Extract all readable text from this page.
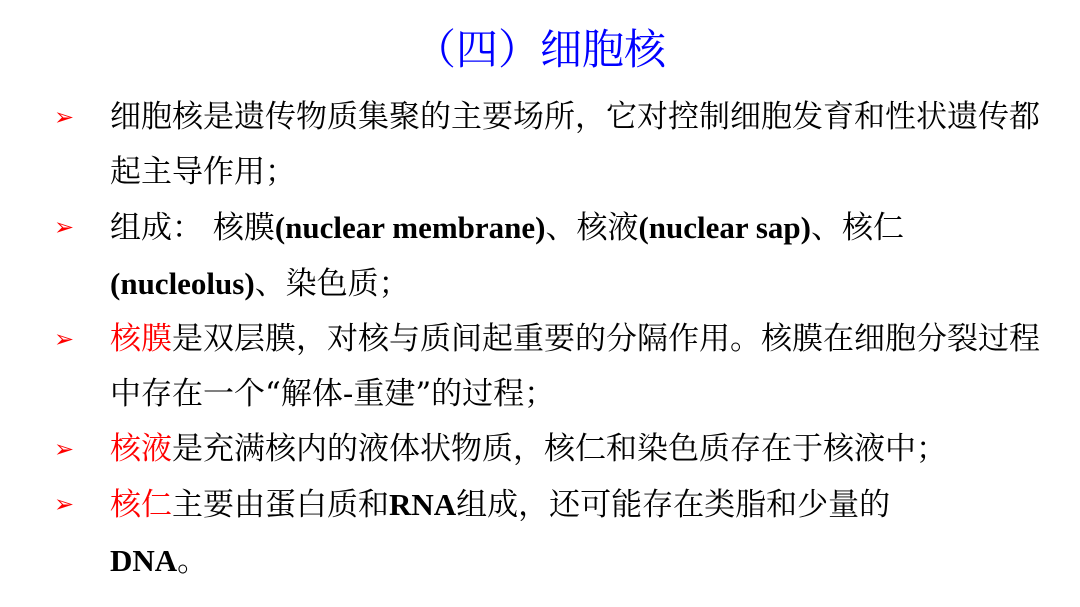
（四）细胞核
➢ 细胞核是遗传物质集聚的主要场所，它对控制细胞发育和性状遗传都起主导作用；
➢ 组成： 核膜(nuclear membrane)、核液(nuclear sap)、核仁 (nucleolus)、染色质；
➢ 核膜是双层膜，对核与质间起重要的分隔作用。核膜在细胞分裂过程中存在一个“解体-重建”的过程；
➢ 核液是充满核内的液体状物质，核仁和染色质存在于核液中；
➢ 核仁主要由蛋白质和RNA组成，还可能存在类脂和少量的
DNA。
